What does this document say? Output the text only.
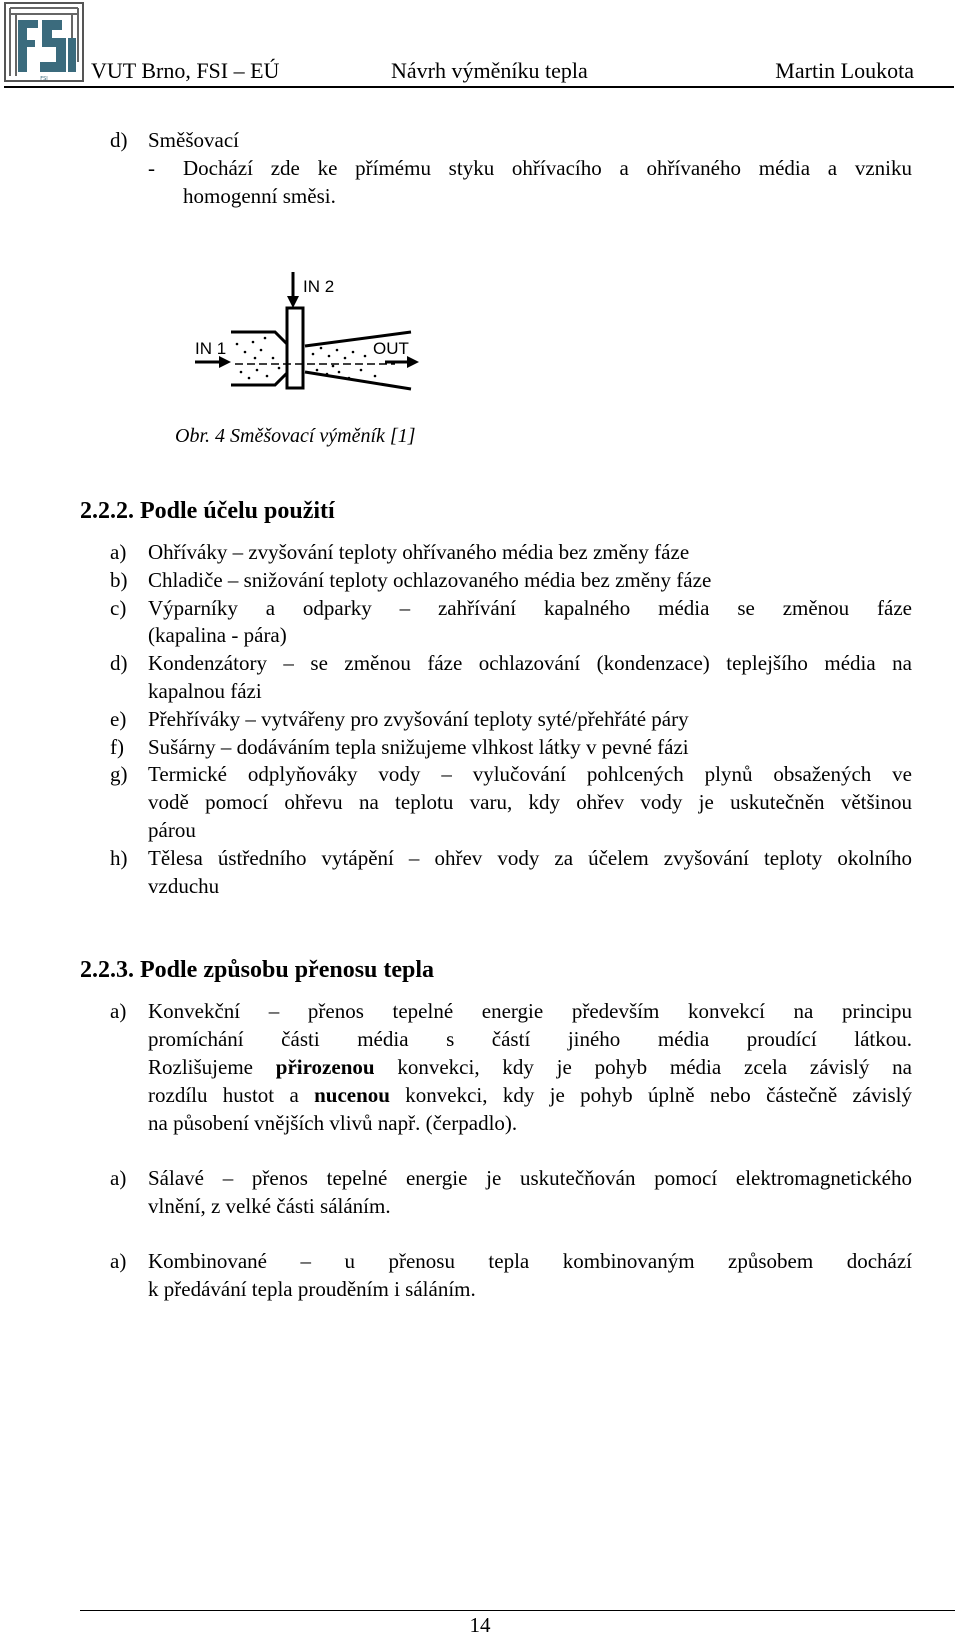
FSI VUT Brno, FSI – EÚ	Návrh výměníku tepla	Martin Loukota
d) Směšovací
- Dochází zde ke přímému styku ohřívacího a ohřívaného média a vzniku
homogenní směsi.
IN 2
IN 1	OUT
Obr. 4 Směšovací výměník [1]
2.2.2. Podle účelu použití
a) Ohříváky – zvyšování teploty ohřívaného média bez změny fáze
b) Chladiče – snižování teploty ochlazovaného média bez změny fáze
c) Výparníky a odparky – zahřívání kapalného média se změnou fáze
(kapalina - pára)
d) Kondenzátory – se změnou fáze ochlazování (kondenzace) teplejšího média na
kapalnou fázi
e) Přehříváky – vytvářeny pro zvyšování teploty syté/přehřáté páry
f) Sušárny – dodáváním tepla snižujeme vlhkost látky v pevné fázi
g) Termické odplyňováky vody – vylučování pohlcených plynů obsažených ve
vodě pomocí ohřevu na teplotu varu, kdy ohřev vody je uskutečněn většinou
párou
h) Tělesa ústředního vytápění – ohřev vody za účelem zvyšování teploty okolního
vzduchu
2.2.3. Podle způsobu přenosu tepla
a) Konvekční – přenos tepelné energie především konvekcí na principu
promíchání části média s částí jiného média proudící látkou.
Rozlišujeme přirozenou konvekci, kdy je pohyb média zcela závislý na
rozdílu hustot a nucenou konvekci, kdy je pohyb úplně nebo částečně závislý
na působení vnějších vlivů např. (čerpadlo).
a) Sálavé – přenos tepelné energie je uskutečňován pomocí elektromagnetického
vlnění, z velké části sáláním.
a) Kombinované – u přenosu tepla kombinovaným způsobem dochází
k předávání tepla prouděním i sáláním.
14
